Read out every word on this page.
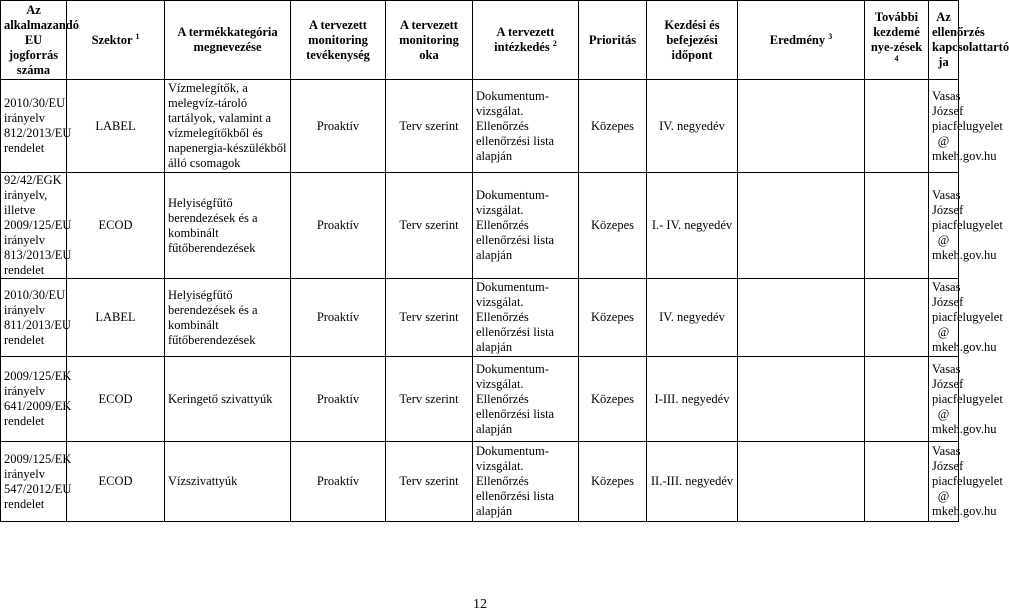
Az alkalmazandó EU jogforrás száma	Szektor $^1$	A termékkategória megnevezése	A tervezett monitoring tevékenység	A tervezett monitoring oka	A tervezett intézkedés $^2$	Prioritás	Kezdési és befejezési időpont	Eredmény $^3$	További kezdemé nye-zések $^4$	Az ellenőrzés kapcsolattartó ja
2010/30/EU irányelv 812/2013/EU rendelet	LABEL	Vízmelegítők, a melegvíz-tároló tartályok, valamint a vízmelegítőkből és napenergia-készülékből álló csomagok	Proaktív	Terv szerint	Dokumentum-vizsgálat. Ellenőrzés ellenőrzési lista alapján	Közepes	IV. negyedév			Vasas József piacfelugyelet @ mkeh.gov.hu
92/42/EGK irányelv, illetve 2009/125/EU irányelv 813/2013/EU rendelet	ECOD	Helyiségfűtő berendezések és a kombinált fűtőberendezések	Proaktív	Terv szerint	Dokumentum-vizsgálat. Ellenőrzés ellenőrzési lista alapján	Közepes	I.- IV. negyedév			Vasas József piacfelugyelet @ mkeh.gov.hu
2010/30/EU irányelv 811/2013/EU rendelet	LABEL	Helyiségfűtő berendezések és a kombinált fűtőberendezések	Proaktív	Terv szerint	Dokumentum-vizsgálat. Ellenőrzés ellenőrzési lista alapján	Közepes	IV. negyedév			Vasas József piacfelugyelet @ mkeh.gov.hu
2009/125/EK irányelv 641/2009/EK rendelet	ECOD	Keringető szivattyúk	Proaktív	Terv szerint	Dokumentum-vizsgálat. Ellenőrzés ellenőrzési lista alapján	Közepes	I-III. negyedév			Vasas József piacfelugyelet @ mkeh.gov.hu
2009/125/EK irányelv 547/2012/EU rendelet	ECOD	Vízszivattyúk	Proaktív	Terv szerint	Dokumentum-vizsgálat. Ellenőrzés ellenőrzési lista alapján	Közepes	II.-III. negyedév			Vasas József piacfelugyelet @ mkeh.gov.hu
12
